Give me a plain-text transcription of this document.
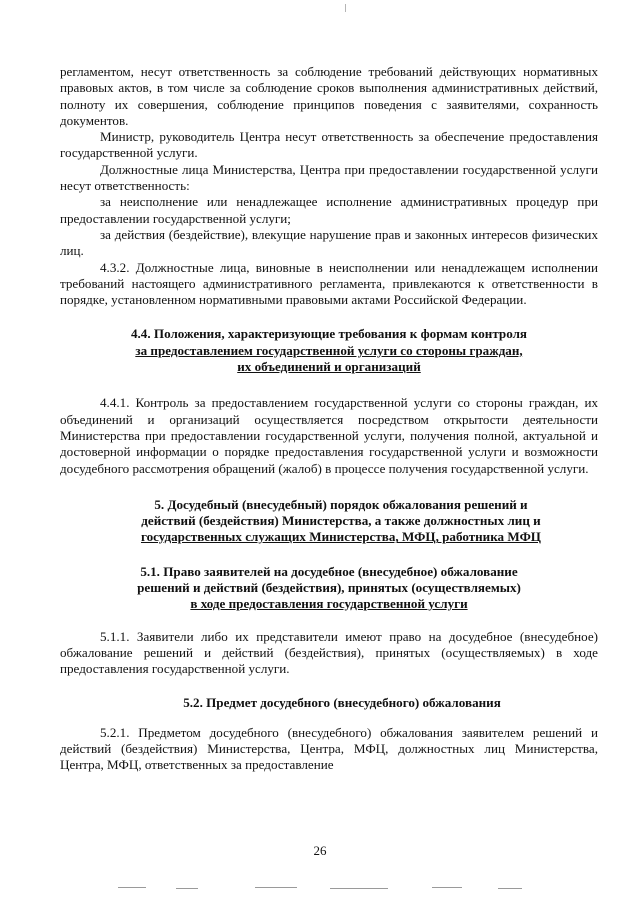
регламентом, несут ответственность за соблюдение требований действующих нормативных правовых актов, в том числе за соблюдение сроков выполнения административных действий, полноту их совершения, соблюдение принципов поведения с заявителями, сохранность документов.

Министр, руководитель Центра несут ответственность за обеспечение предоставления государственной услуги.

Должностные лица Министерства, Центра при предоставлении государственной услуги несут ответственность:

за неисполнение или ненадлежащее исполнение административных процедур при предоставлении государственной услуги;

за действия (бездействие), влекущие нарушение прав и законных интересов физических лиц.

4.3.2. Должностные лица, виновные в неисполнении или ненадлежащем исполнении требований настоящего административного регламента, привлекаются к ответственности в порядке, установленном нормативными правовыми актами Российской Федерации.

4.4. Положения, характеризующие требования к формам контроля
за предоставлением государственной услуги со стороны граждан,
их объединений и организаций

4.4.1. Контроль за предоставлением государственной услуги со стороны граждан, их объединений и организаций осуществляется посредством открытости деятельности Министерства при предоставлении государственной услуги, получения полной, актуальной и достоверной информации о порядке предоставления государственной услуги и возможности досудебного рассмотрения обращений (жалоб) в процессе получения государственной услуги.

5. Досудебный (внесудебный) порядок обжалования решений и
действий (бездействия) Министерства, а также должностных лиц и
государственных служащих Министерства, МФЦ, работника МФЦ
5.1. Право заявителей на досудебное (внесудебное) обжалование
решений и действий (бездействия), принятых (осуществляемых)
в ходе предоставления государственной услуги

5.1.1. Заявители либо их представители имеют право на досудебное (внесудебное) обжалование решений и действий (бездействия), принятых (осуществляемых) в ходе предоставления государственной услуги.

5.2. Предмет досудебного (внесудебного) обжалования

5.2.1. Предметом досудебного (внесудебного) обжалования заявителем решений и действий (бездействия) Министерства, Центра, МФЦ, должностных лиц Министерства, Центра, МФЦ, ответственных за предоставление

26
